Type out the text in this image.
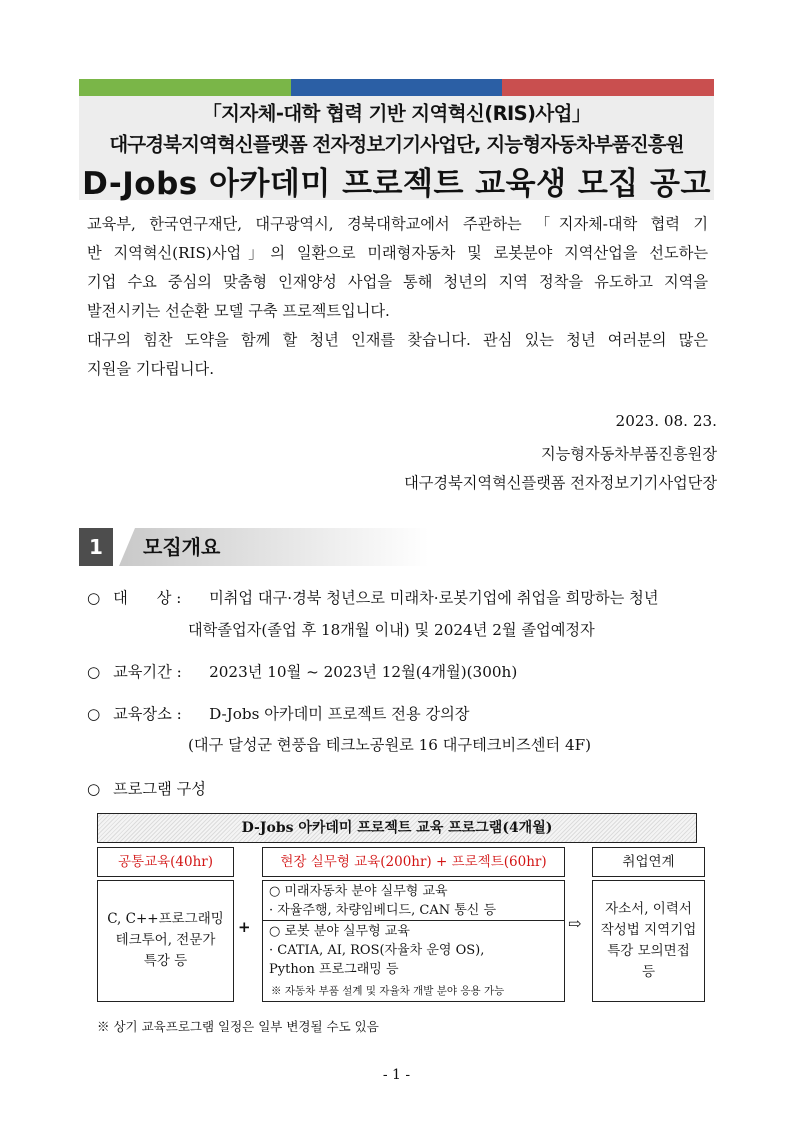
「지자체-대학 협력 기반 지역혁신(RIS)사업」
대구경북지역혁신플랫폼 전자정보기기사업단, 지능형자동차부품진흥원
D-Jobs 아카데미 프로젝트 교육생 모집 공고

교육부, 한국연구재단, 대구광역시, 경북대학교에서 주관하는 「지자체-대학 협력 기

반 지역혁신(RIS)사업」의 일환으로 미래형자동차 및 로봇분야 지역산업을 선도하는

기업 수요 중심의 맞춤형 인재양성 사업을 통해 청년의 지역 정착을 유도하고 지역을

발전시키는 선순환 모델 구축 프로젝트입니다.

대구의 힘찬 도약을 함께 할 청년 인재를 찾습니다. 관심 있는 청년 여러분의 많은

지원을 기다립니다.

2023. 08. 23.
지능형자동차부품진흥원장
대구경북지역혁신플랫폼 전자정보기기사업단장
모집개요
1
○ 대      상 : 미취업 대구·경북 청년으로 미래차·로봇기업에 취업을 희망하는 청년
대학졸업자(졸업 후 18개월 이내) 및 2024년 2월 졸업예정자
○ 교육기간 : 2023년 10월 ~ 2023년 12월(4개월)(300h)
○ 교육장소 : D-Jobs 아카데미 프로젝트 전용 강의장
(대구 달성군 현풍읍 테크노공원로 16 대구테크비즈센터 4F)
○ 프로그램 구성
D-Jobs 아카데미 프로젝트 교육 프로그램(4개월)
공통교육(40hr)	현장 실무형 교육(200hr) + 프로젝트(60hr)	취업연계
C, C++프로그래밍
테크투어, 전문가
특강 등
+
○ 미래자동차 분야 실무형 교육
· 자율주행, 차량임베디드, CAN 통신 등
○ 로봇 분야 실무형 교육
· CATIA, AI, ROS(자율차 운영 OS),
Python 프로그래밍 등
※ 자동차 부품 설계 및 자율차 개발 분야 응용 가능
⇨
자소서, 이력서
작성법 지역기업
특강 모의면접
등
※ 상기 교육프로그램 일정은 일부 변경될 수도 있음
- 1 -
